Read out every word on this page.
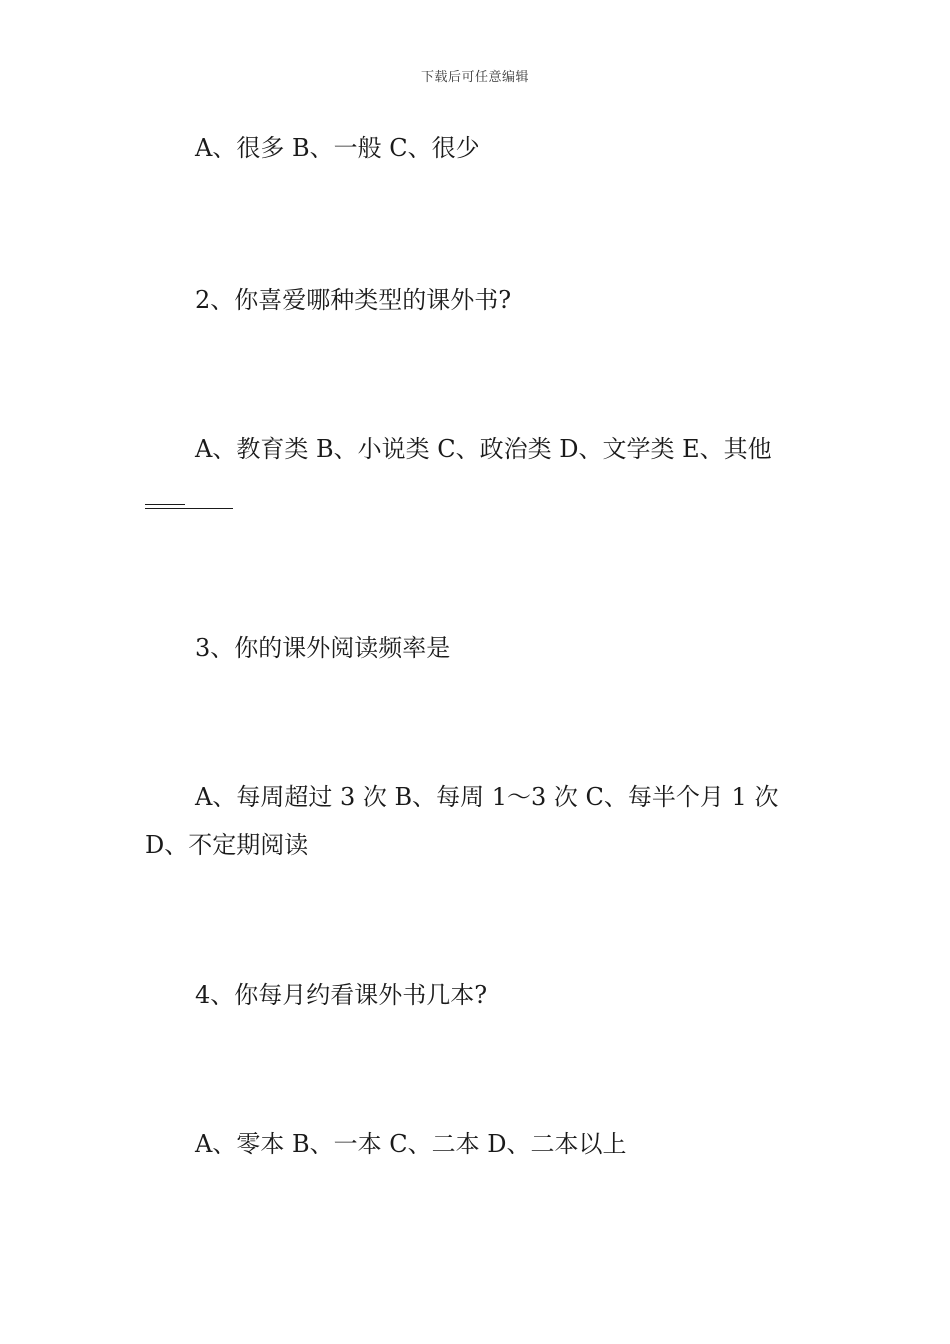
下载后可任意编辑

A、很多 B、一般 C、很少

2、你喜爱哪种类型的课外书?

A、教育类 B、小说类 C、政治类 D、文学类 E、其他

3、你的课外阅读频率是

A、每周超过 3 次 B、每周 1～3 次 C、每半个月 1 次 D、不定期阅读

4、你每月约看课外书几本?

A、零本 B、一本 C、二本 D、二本以上
